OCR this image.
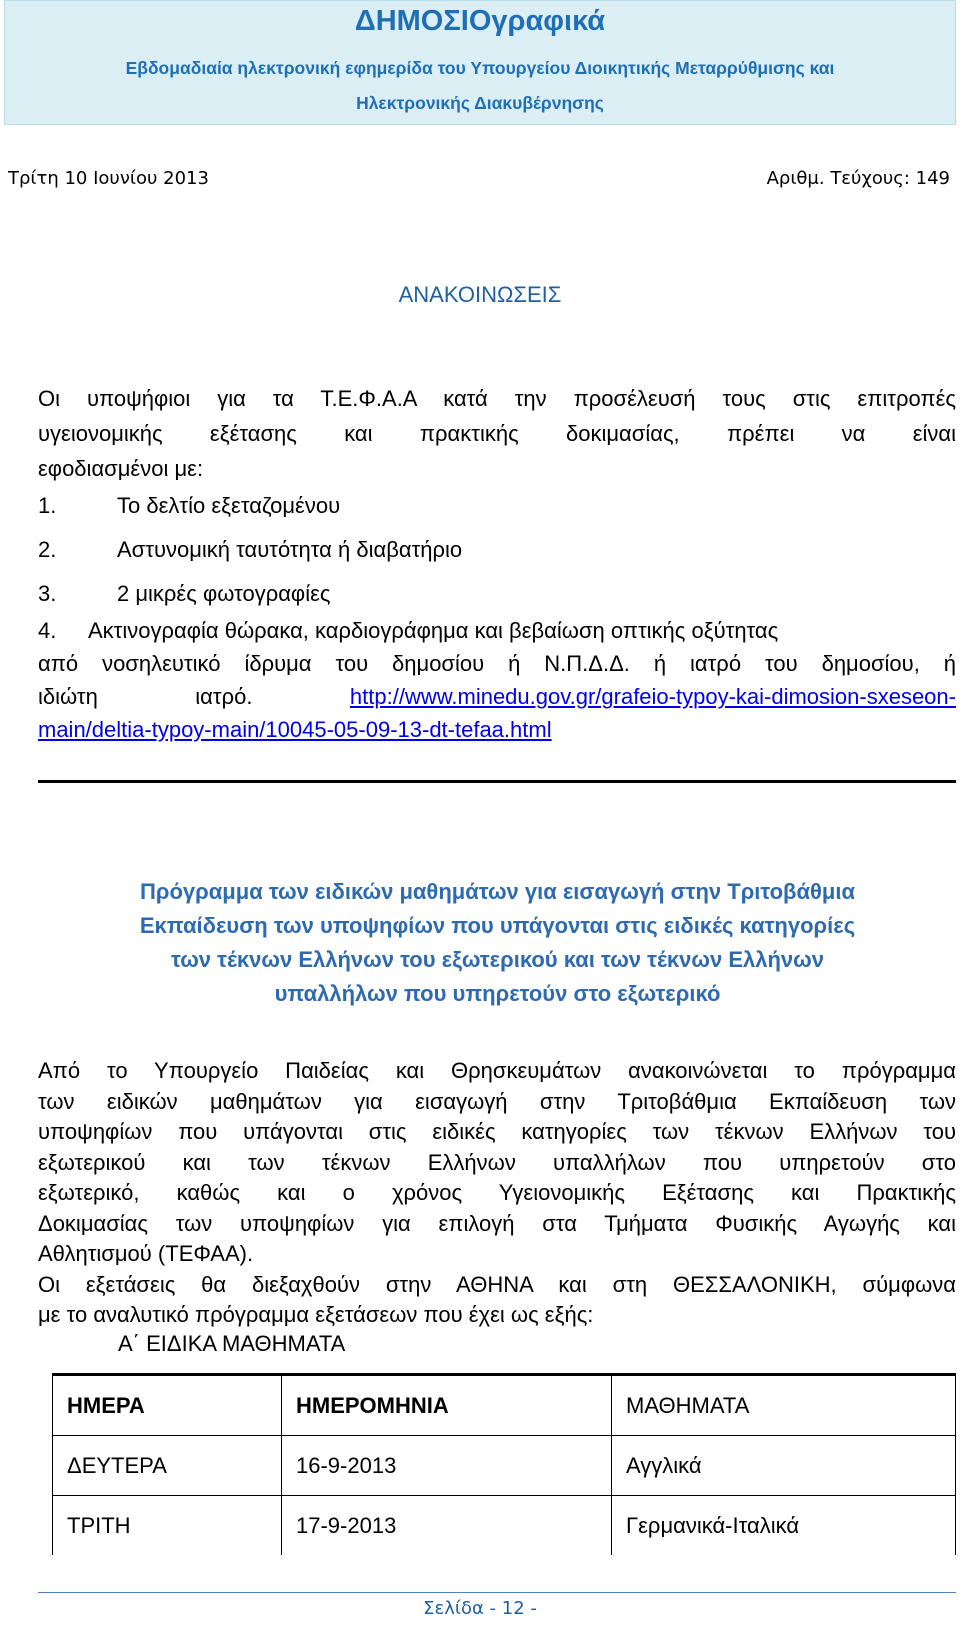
ΔΗΜΟΣΙΟγραφικά
Εβδομαδιαία ηλεκτρονική εφημερίδα του Υπουργείου Διοικητικής Μεταρρύθμισης και
Ηλεκτρονικής Διακυβέρνησης
Τρίτη 10 Ιουνίου 2013	Αριθμ. Τεύχους: 149
ΑΝΑΚΟΙΝΩΣΕΙΣ
Οι υποψήφιοι για τα Τ.Ε.Φ.Α.Α κατά την προσέλευσή τους στις επιτροπές
υγειονομικής εξέτασης και πρακτικής δοκιμασίας, πρέπει να είναι
εφοδιασμένοι με:
1.	Το δελτίο εξεταζομένου
2.	Αστυνομική ταυτότητα ή διαβατήριο
3.	2 μικρές φωτογραφίες
4. Ακτινογραφία θώρακα, καρδιογράφημα και βεβαίωση οπτικής οξύτητας
από νοσηλευτικό ίδρυμα του δημοσίου ή Ν.Π.Δ.Δ. ή ιατρό του δημοσίου, ή
ιδιώτη ιατρό.	http://www.minedu.gov.gr/grafeio-typoy-kai-dimosion-sxeseon-
main/deltia-typoy-main/10045-05-09-13-dt-tefaa.html
Πρόγραμμα των ειδικών μαθημάτων για εισαγωγή στην Τριτοβάθμια
Εκπαίδευση των υποψηφίων που υπάγονται στις ειδικές κατηγορίες
των τέκνων Ελλήνων του εξωτερικού και των τέκνων Ελλήνων
υπαλλήλων που υπηρετούν στο εξωτερικό
Από το Υπουργείο Παιδείας και Θρησκευμάτων ανακοινώνεται το πρόγραμμα
των ειδικών μαθημάτων για εισαγωγή στην Τριτοβάθμια Εκπαίδευση των
υποψηφίων που υπάγονται στις ειδικές κατηγορίες των τέκνων Ελλήνων του
εξωτερικού και των τέκνων Ελλήνων υπαλλήλων που υπηρετούν στο
εξωτερικό, καθώς και ο χρόνος Υγειονομικής Εξέτασης και Πρακτικής
Δοκιμασίας των υποψηφίων για επιλογή στα Τμήματα Φυσικής Αγωγής και
Αθλητισμού (ΤΕΦΑΑ).
Οι εξετάσεις θα διεξαχθούν στην ΑΘΗΝΑ και στη ΘΕΣΣΑΛΟΝΙΚΗ, σύμφωνα
με το αναλυτικό πρόγραμμα εξετάσεων που έχει ως εξής:
Α΄ ΕΙΔΙΚΑ ΜΑΘΗΜΑΤΑ
ΗΜΕΡΑ	ΗΜΕΡΟΜΗΝΙΑ	ΜΑΘΗΜΑΤΑ
ΔΕΥΤΕΡΑ	16-9-2013	Αγγλικά
ΤΡΙΤΗ	17-9-2013	Γερμανικά-Ιταλικά
Σελίδα - 12 -
